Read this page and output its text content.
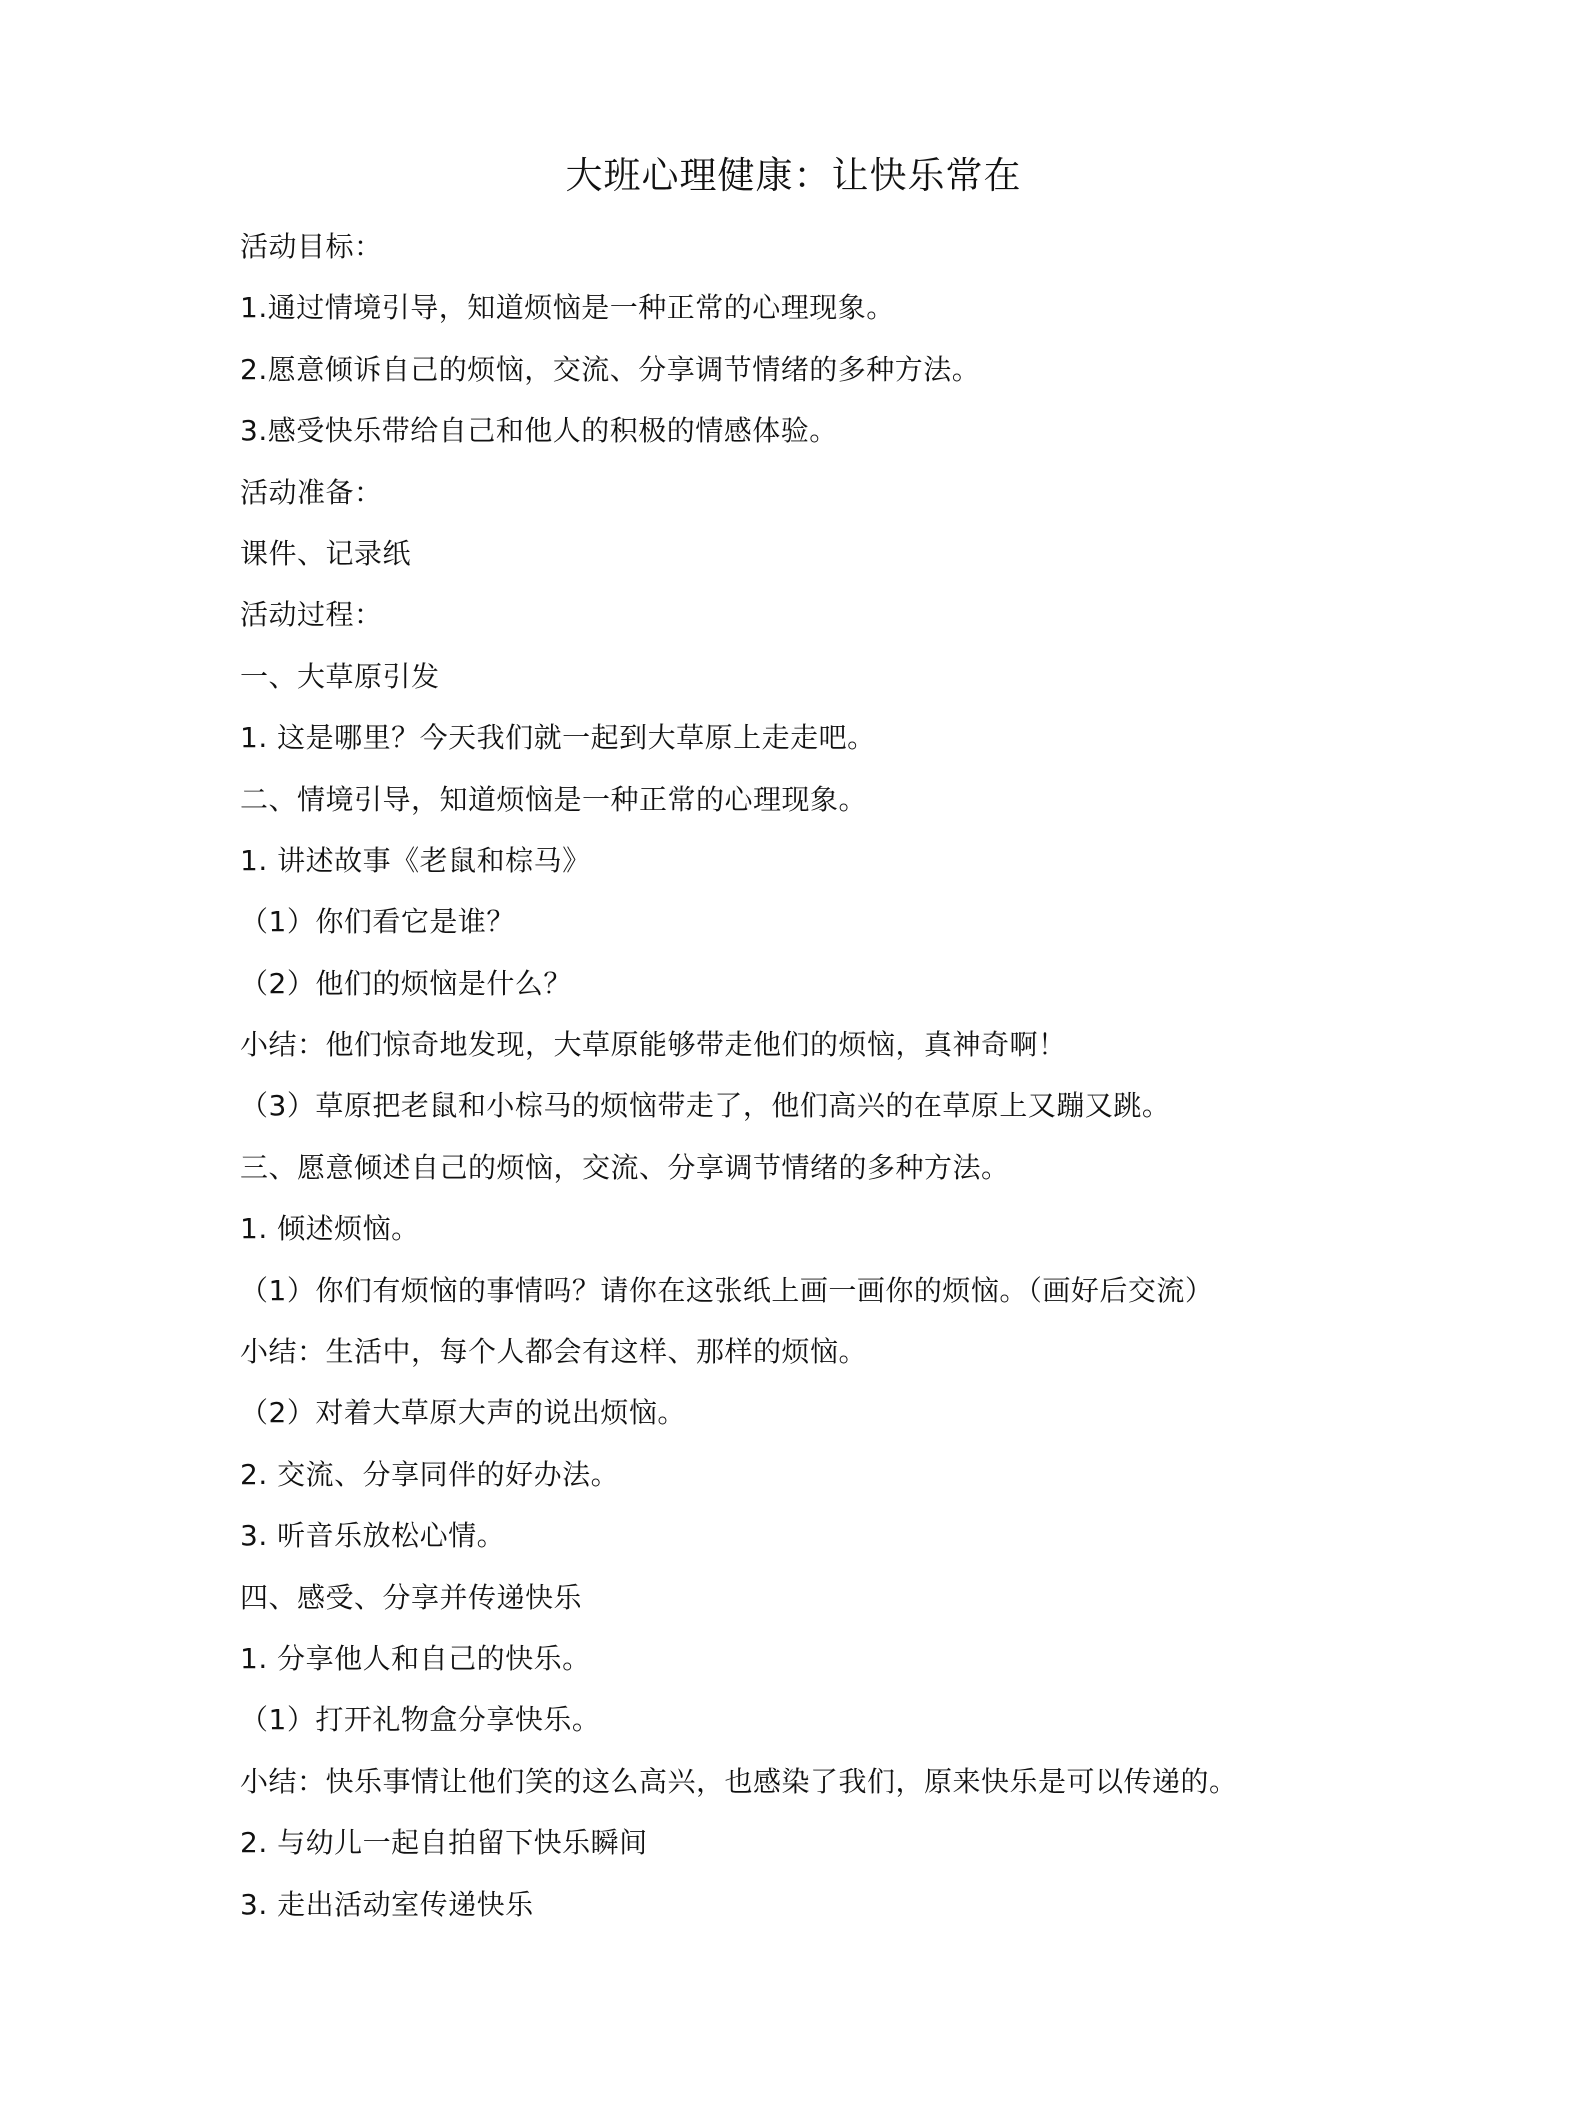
大班心理健康：让快乐常在
活动目标：
1.通过情境引导，知道烦恼是一种正常的心理现象。
2.愿意倾诉自己的烦恼，交流、分享调节情绪的多种方法。
3.感受快乐带给自己和他人的积极的情感体验。
活动准备：
课件、记录纸
活动过程：
一、大草原引发
1. 这是哪里？今天我们就一起到大草原上走走吧。
二、情境引导，知道烦恼是一种正常的心理现象。
1. 讲述故事《老鼠和棕马》
（1）你们看它是谁？
（2）他们的烦恼是什么？
小结：他们惊奇地发现，大草原能够带走他们的烦恼，真神奇啊！
（3）草原把老鼠和小棕马的烦恼带走了，他们高兴的在草原上又蹦又跳。
三、愿意倾述自己的烦恼，交流、分享调节情绪的多种方法。
1. 倾述烦恼。
（1）你们有烦恼的事情吗？请你在这张纸上画一画你的烦恼。（画好后交流）
小结：生活中，每个人都会有这样、那样的烦恼。
（2）对着大草原大声的说出烦恼。
2. 交流、分享同伴的好办法。
3. 听音乐放松心情。
四、感受、分享并传递快乐
1. 分享他人和自己的快乐。
（1）打开礼物盒分享快乐。
小结：快乐事情让他们笑的这么高兴，也感染了我们，原来快乐是可以传递的。
2. 与幼儿一起自拍留下快乐瞬间
3. 走出活动室传递快乐
